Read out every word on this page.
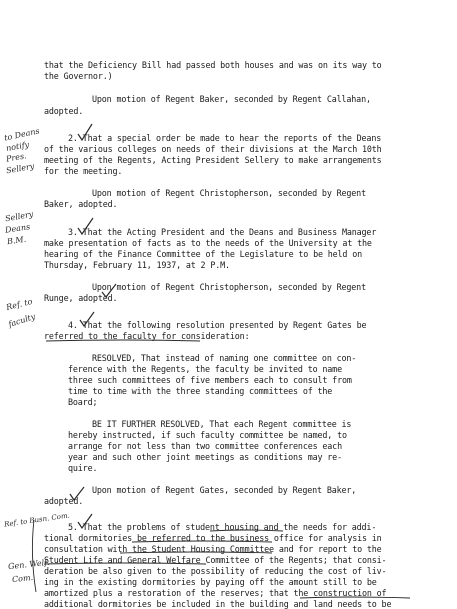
that the Deficiency Bill had passed both houses and was on its way to
the Governor.)
Upon motion of Regent Baker, seconded by Regent Callahan,
adopted.
2. That a special order be made to hear the reports of the Deans
of the various colleges on needs of their divisions at the March 10th
meeting of the Regents, Acting President Sellery to make arrangements
for the meeting.
Upon motion of Regent Christopherson, seconded by Regent
Baker, adopted.
3. That the Acting President and the Deans and Business Manager
make presentation of facts as to the needs of the University at the
hearing of the Finance Committee of the Legislature to be held on
Thursday, February 11, 1937, at 2 P.M.
Upon motion of Regent Christopherson, seconded by Regent
Runge, adopted.
4. That the following resolution presented by Regent Gates be
referred to the faculty for consideration:
RESOLVED, That instead of naming one committee on con-
ference with the Regents, the faculty be invited to name
three such committees of five members each to consult from
time to time with the three standing committees of the
Board;
BE IT FURTHER RESOLVED, That each Regent committee is
hereby instructed, if such faculty committee be named, to
arrange for not less than two committee conferences each
year and such other joint meetings as conditions may re-
quire.
Upon motion of Regent Gates, seconded by Regent Baker,
adopted.
5. That the problems of student housing and the needs for addi-
tional dormitories be referred to the business office for analysis in
consultation with the Student Housing Committee and for report to the
Student Life and General Welfare Committee of the Regents; that consi-
deration be also given to the possibility of reducing the cost of liv-
ing in the existing dormitories by paying off the amount still to be
amortized plus a restoration of the reserves; that the construction of
additional dormitories be included in the building and land needs to be
to Deans
notify
Pres.
Sellery
Sellery
Deans
B.M.
Ref. to
faculty
Ref. to Busn. Com.
Gen. Welf.
Com.
